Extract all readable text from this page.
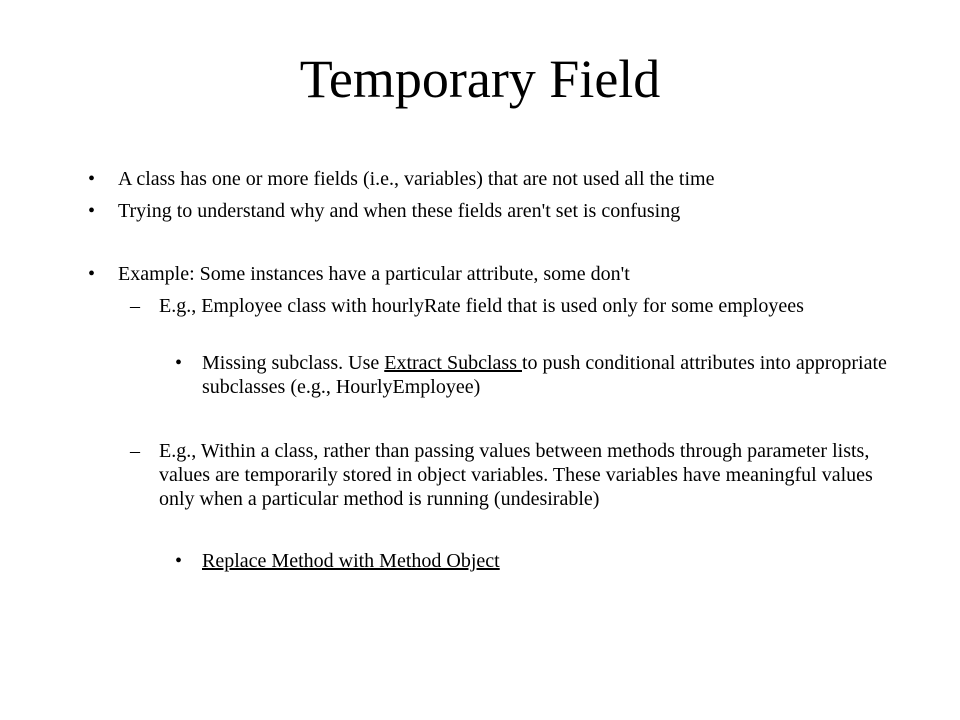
Temporary Field
• A class has one or more fields (i.e., variables) that are not used all the time
• Trying to understand why and when these fields aren't set is confusing
• Example: Some instances have a particular attribute, some don't
– E.g., Employee class with hourlyRate field that is used only for some employees
• Missing subclass. Use Extract Subclass to push conditional attributes into appropriate subclasses (e.g., HourlyEmployee)
– E.g., Within a class, rather than passing values between methods through parameter lists, values are temporarily stored in object variables. These variables have meaningful values only when a particular method is running (undesirable)
• Replace Method with Method Object
